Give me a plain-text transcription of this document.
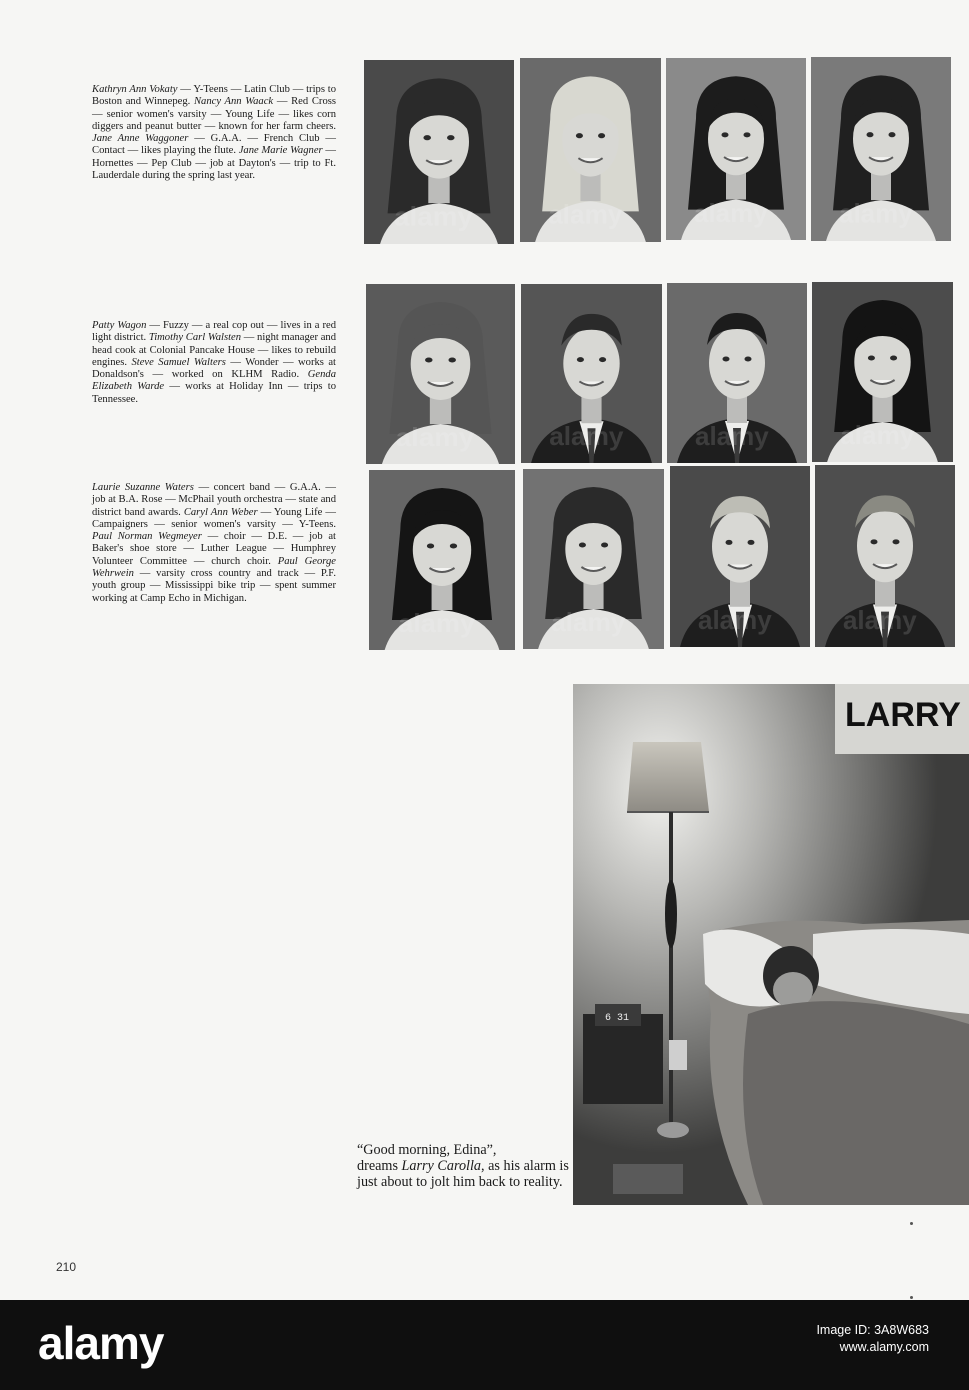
Kathryn Ann Vokaty — Y-Teens — Latin Club — trips to Boston and Winnepeg. Nancy Ann Waack — Red Cross — senior women's varsity — Young Life — likes corn diggers and peanut butter — known for her farm cheers. Jane Anne Waggoner — G.A.A. — French Club — Contact — likes playing the flute. Jane Marie Wagner — Hornettes — Pep Club — job at Dayton's — trip to Ft. Lauderdale during the spring last year.
Patty Wagon — Fuzzy — a real cop out — lives in a red light district. Timothy Carl Walsten — night manager and head cook at Colonial Pancake House — likes to rebuild engines. Steve Samuel Walters — Wonder — works at Donaldson's — worked on KLHM Radio. Genda Elizabeth Warde — works at Holiday Inn — trips to Tennessee.
Laurie Suzanne Waters — concert band — G.A.A. — job at B.A. Rose — McPhail youth orchestra — state and district band awards. Caryl Ann Weber — Young Life — Campaigners — senior women's varsity — Y-Teens. Paul Norman Wegmeyer — choir — D.E. — job at Baker's shoe store — Luther League — Humphrey Volunteer Committee — church choir. Paul George Wehrwein — varsity cross country and track — P.F. youth group — Mississippi bike trip — spent summer working at Camp Echo in Michigan.
alamy	alamy	alamy	alamy
alamy	alamy	alamy	alamy
alamy	alamy	alamy	alamy
LARRY
6 31
“Good morning, Edina”,
dreams Larry Carolla, as his alarm is just about to jolt him back to reality.
210
alamy	Image ID: 3A8W683
www.alamy.com
